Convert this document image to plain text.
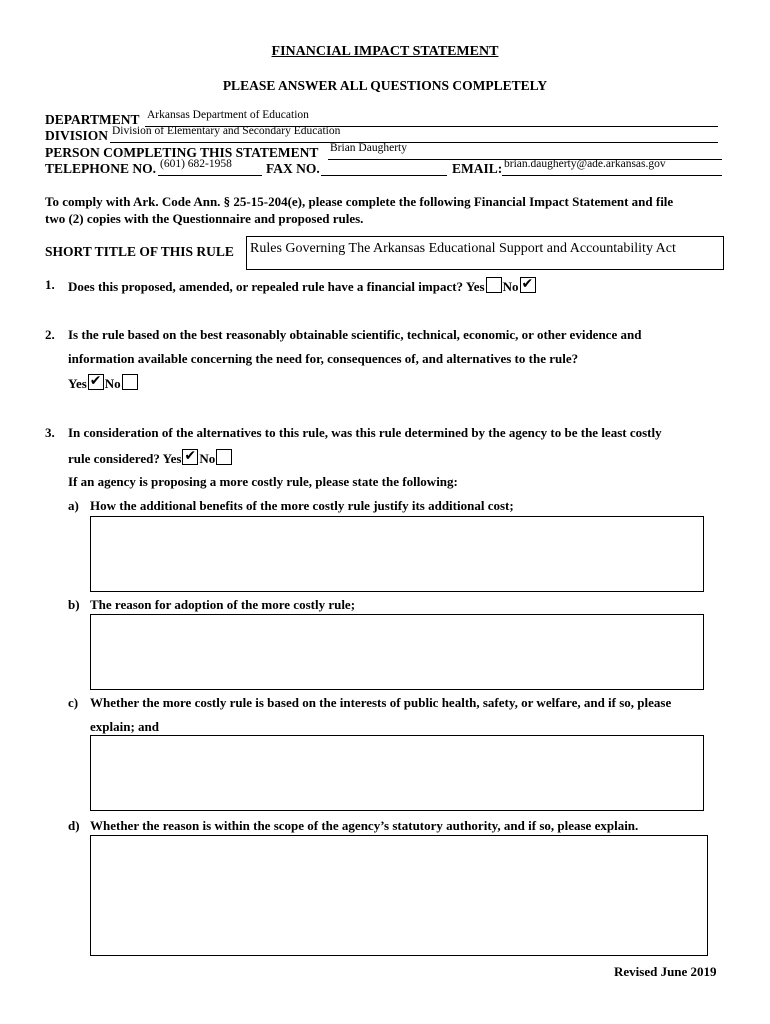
FINANCIAL IMPACT STATEMENT
PLEASE ANSWER ALL QUESTIONS COMPLETELY
DEPARTMENT Arkansas Department of Education
DIVISION Division of Elementary and Secondary Education
PERSON COMPLETING THIS STATEMENT Brian Daugherty
TELEPHONE NO. (601) 682-1958	FAX NO.	EMAIL: brian.daugherty@ade.arkansas.gov
To comply with Ark. Code Ann. § 25-15-204(e), please complete the following Financial Impact Statement and file
two (2) copies with the Questionnaire and proposed rules.
SHORT TITLE OF THIS RULE Rules Governing The Arkansas Educational Support and Accountability Act
1. Does this proposed, amended, or repealed rule have a financial impact? Yes No ✔
2. Is the rule based on the best reasonably obtainable scientific, technical, economic, or other evidence and
information available concerning the need for, consequences of, and alternatives to the rule?
Yes ✔ No
3. In consideration of the alternatives to this rule, was this rule determined by the agency to be the least costly
rule considered? Yes ✔ No
If an agency is proposing a more costly rule, please state the following:
a) How the additional benefits of the more costly rule justify its additional cost;
b) The reason for adoption of the more costly rule;
c) Whether the more costly rule is based on the interests of public health, safety, or welfare, and if so, please
explain; and
d) Whether the reason is within the scope of the agency’s statutory authority, and if so, please explain.
Revised June 2019
